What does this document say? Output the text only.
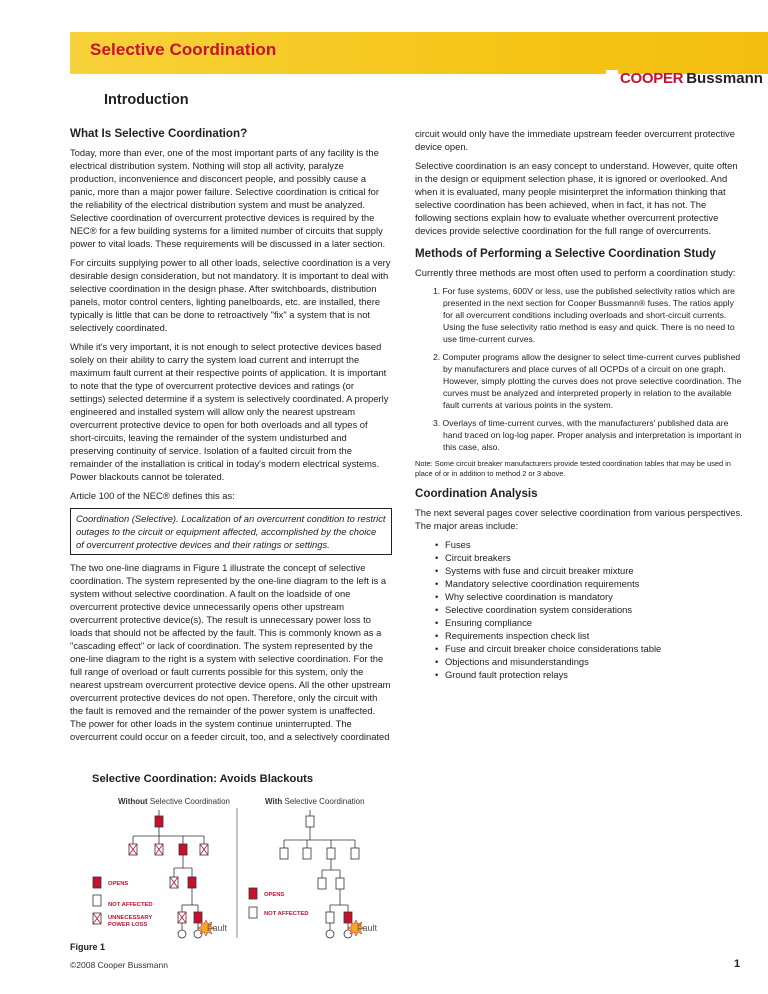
Selective Coordination
COOPER Bussmann
Introduction
What Is Selective Coordination?

Today, more than ever, one of the most important parts of any facility is the electrical distribution system. Nothing will stop all activity, paralyze production, inconvenience and disconcert people, and possibly cause a panic, more than a major power failure. Selective coordination is critical for the reliability of the electrical distribution system and must be analyzed. Selective coordination of overcurrent protective devices is required by the NEC® for a few building systems for a limited number of circuits that supply power to vital loads. These requirements will be discussed in a later section.

For circuits supplying power to all other loads, selective coordination is a very desirable design consideration, but not mandatory. It is important to deal with selective coordination in the design phase. After switchboards, distribution panels, motor control centers, lighting panelboards, etc. are installed, there typically is little that can be done to retroactively "fix" a system that is not selectively coordinated.

While it's very important, it is not enough to select protective devices based solely on their ability to carry the system load current and interrupt the maximum fault current at their respective points of application. It is important to note that the type of overcurrent protective devices and ratings (or settings) selected determine if a system is selectively coordinated. A properly engineered and installed system will allow only the nearest upstream overcurrent protective device to open for both overloads and all types of short-circuits, leaving the remainder of the system undisturbed and preserving continuity of service. Isolation of a faulted circuit from the remainder of the installation is critical in today's modern electrical systems. Power blackouts cannot be tolerated.

Article 100 of the NEC® defines this as:

Coordination (Selective). Localization of an overcurrent condition to restrict outages to the circuit or equipment affected, accomplished by the choice of overcurrent protective devices and their ratings or settings.

The two one-line diagrams in Figure 1 illustrate the concept of selective coordination. The system represented by the one-line diagram to the left is a system without selective coordination. A fault on the loadside of one overcurrent protective device unnecessarily opens other upstream overcurrent protective device(s). The result is unnecessary power loss to loads that should not be affected by the fault. This is commonly known as a "cascading effect" or lack of coordination. The system represented by the one-line diagram to the right is a system with selective coordination. For the full range of overload or fault currents possible for this system, only the nearest upstream overcurrent protective device opens. All the other upstream overcurrent protective devices do not open. Therefore, only the circuit with the fault is removed and the remainder of the power system is unaffected. The power for other loads in the system continue uninterrupted. The overcurrent could occur on a feeder circuit, too, and a selectively coordinated

circuit would only have the immediate upstream feeder overcurrent protective device open.

Selective coordination is an easy concept to understand. However, quite often in the design or equipment selection phase, it is ignored or overlooked. And when it is evaluated, many people misinterpret the information thinking that selective coordination has been achieved, when in fact, it has not. The following sections explain how to evaluate whether overcurrent protective devices provide selective coordination for the full range of overcurrents.

Methods of Performing a Selective Coordination Study

Currently three methods are most often used to perform a coordination study:

1. For fuse systems, 600V or less, use the published selectivity ratios which are presented in the next section for Cooper Bussmann® fuses. The ratios apply for all overcurrent conditions including overloads and short-circuit currents. Using the fuse selectivity ratio method is easy and quick. There is no need to use time-current curves.
2. Computer programs allow the designer to select time-current curves published by manufacturers and place curves of all OCPDs of a circuit on one graph. However, simply plotting the curves does not prove selective coordination. The curves must be analyzed and interpreted properly in relation to the available fault currents at various points in the system.
3. Overlays of time-current curves, with the manufacturers' published data are hand traced on log-log paper. Proper analysis and interpretation is important in this case, also.
Note: Some circuit breaker manufacturers provide tested coordination tables that may be used in place of or in addition to method 2 or 3 above.
Coordination Analysis

The next several pages cover selective coordination from various perspectives. The major areas include:

• Fuses
• Circuit breakers
• Systems with fuse and circuit breaker mixture
• Mandatory selective coordination requirements
• Why selective coordination is mandatory
• Selective coordination system considerations
• Ensuring compliance
• Requirements inspection check list
• Fuse and circuit breaker choice considerations table
• Objections and misunderstandings
• Ground fault protection relays
Selective Coordination: Avoids Blackouts
Without Selective Coordination	With Selective Coordination
Fault
OPENS
NOT AFFECTED
UNNECESSARY
POWER LOSS	Fault
OPENS
NOT AFFECTED
Figure 1
©2008 Cooper Bussmann	1
